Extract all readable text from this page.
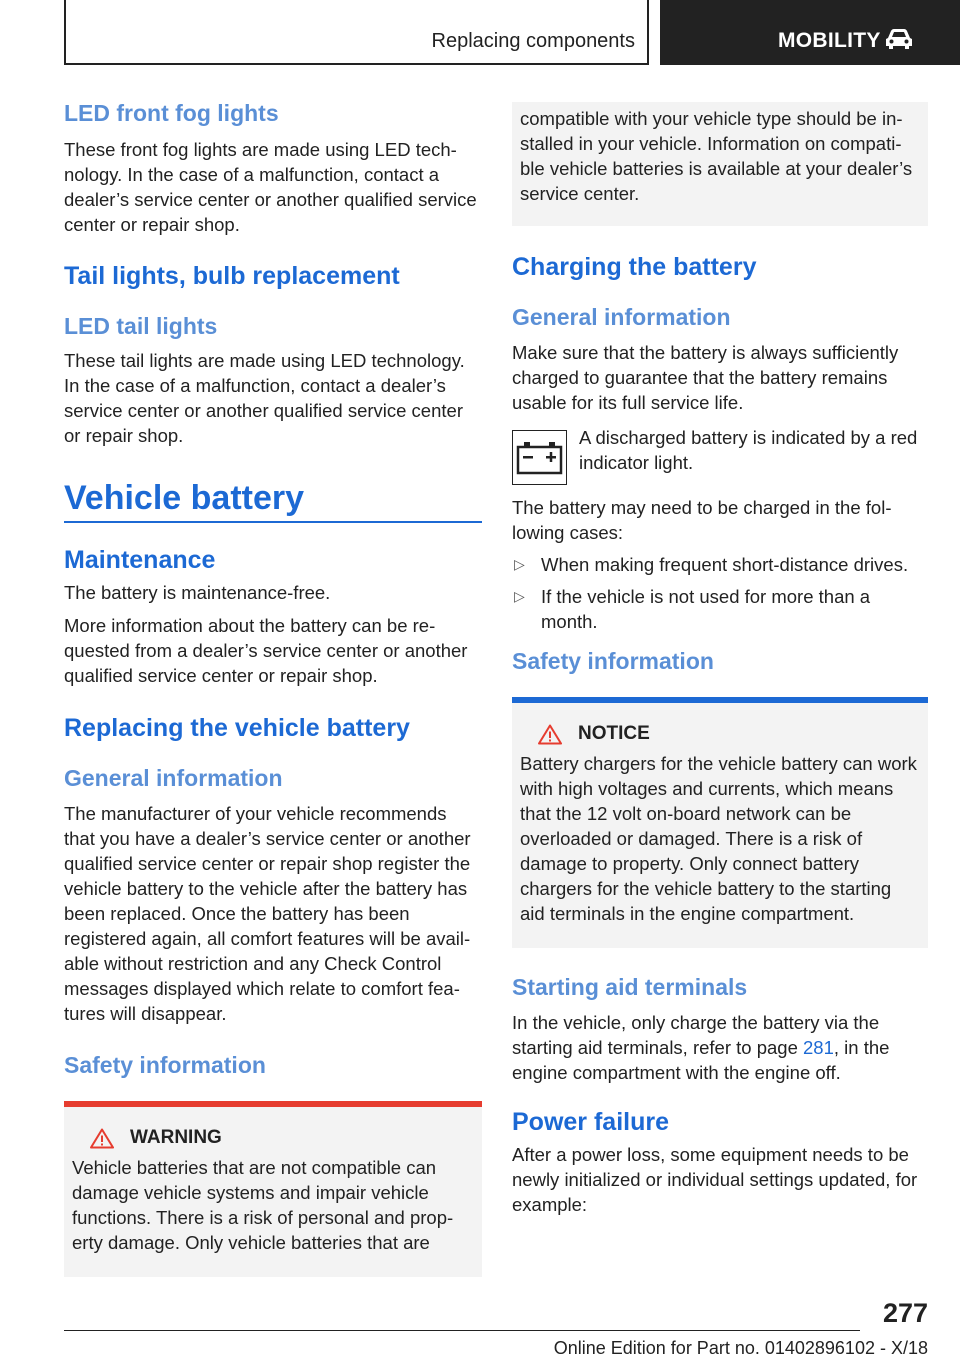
Replacing components	MOBILITY
LED front fog lights

These front fog lights are made using LED technology. In the case of a malfunction, contact a dealer’s service center or another qualified service center or repair shop.

Tail lights, bulb replacement
LED tail lights

These tail lights are made using LED technology. In the case of a malfunction, contact a dealer’s service center or another qualified service center or repair shop.

Vehicle battery
Maintenance

The battery is maintenance-free.

More information about the battery can be requested from a dealer’s service center or another qualified service center or repair shop.

Replacing the vehicle battery
General information

The manufacturer of your vehicle recommends that you have a dealer’s service center or another qualified service center or repair shop register the vehicle battery to the vehicle after the battery has been replaced. Once the battery has been registered again, all comfort features will be available without restriction and any Check Control messages displayed which relate to comfort features will disappear.

Safety information
WARNING

Vehicle batteries that are not compatible can damage vehicle systems and impair vehicle functions. There is a risk of personal and property damage. Only vehicle batteries that are

compatible with your vehicle type should be installed in your vehicle. Information on compatible vehicle batteries is available at your dealer’s service center.

Charging the battery
General information

Make sure that the battery is always sufficiently charged to guarantee that the battery remains usable for its full service life.

A discharged battery is indicated by a red indicator light.

The battery may need to be charged in the following cases:

▷ When making frequent short-distance drives.
▷ If the vehicle is not used for more than a month.
Safety information
NOTICE

Battery chargers for the vehicle battery can work with high voltages and currents, which means that the 12 volt on-board network can be overloaded or damaged. There is a risk of damage to property. Only connect battery chargers for the vehicle battery to the starting aid terminals in the engine compartment.

Starting aid terminals

In the vehicle, only charge the battery via the starting aid terminals, refer to page 281, in the engine compartment with the engine off.

Power failure

After a power loss, some equipment needs to be newly initialized or individual settings updated, for example:

277
Online Edition for Part no. 01402896102 - X/18
